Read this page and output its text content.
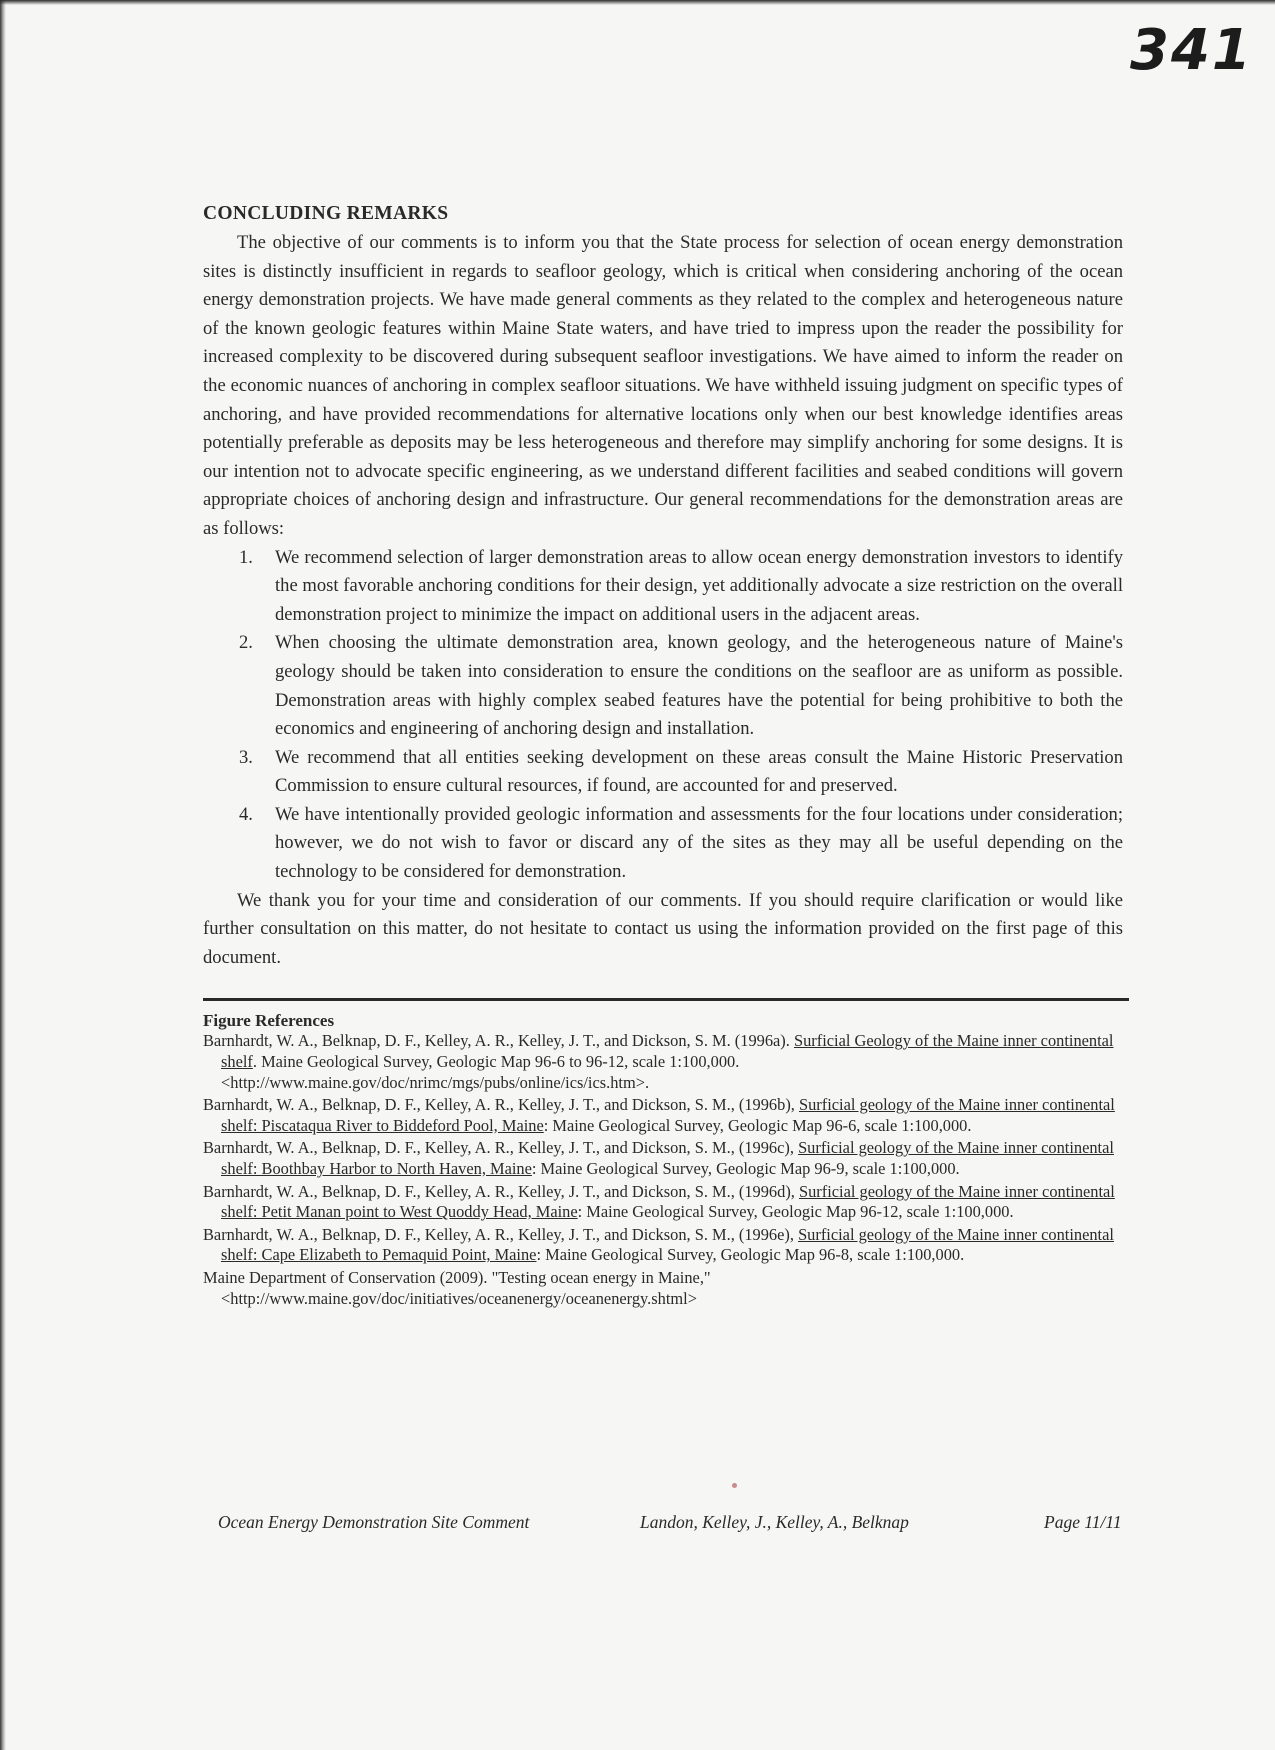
341
CONCLUDING REMARKS

The objective of our comments is to inform you that the State process for selection of ocean energy demonstration sites is distinctly insufficient in regards to seafloor geology, which is critical when considering anchoring of the ocean energy demonstration projects. We have made general comments as they related to the complex and heterogeneous nature of the known geologic features within Maine State waters, and have tried to impress upon the reader the possibility for increased complexity to be discovered during subsequent seafloor investigations. We have aimed to inform the reader on the economic nuances of anchoring in complex seafloor situations. We have withheld issuing judgment on specific types of anchoring, and have provided recommendations for alternative locations only when our best knowledge identifies areas potentially preferable as deposits may be less heterogeneous and therefore may simplify anchoring for some designs. It is our intention not to advocate specific engineering, as we understand different facilities and seabed conditions will govern appropriate choices of anchoring design and infrastructure. Our general recommendations for the demonstration areas are as follows:

1. We recommend selection of larger demonstration areas to allow ocean energy demonstration investors to identify the most favorable anchoring conditions for their design, yet additionally advocate a size restriction on the overall demonstration project to minimize the impact on additional users in the adjacent areas.
2. When choosing the ultimate demonstration area, known geology, and the heterogeneous nature of Maine's geology should be taken into consideration to ensure the conditions on the seafloor are as uniform as possible. Demonstration areas with highly complex seabed features have the potential for being prohibitive to both the economics and engineering of anchoring design and installation.
3. We recommend that all entities seeking development on these areas consult the Maine Historic Preservation Commission to ensure cultural resources, if found, are accounted for and preserved.
4. We have intentionally provided geologic information and assessments for the four locations under consideration; however, we do not wish to favor or discard any of the sites as they may all be useful depending on the technology to be considered for demonstration.

We thank you for your time and consideration of our comments. If you should require clarification or would like further consultation on this matter, do not hesitate to contact us using the information provided on the first page of this document.

Figure References

Barnhardt, W. A., Belknap, D. F., Kelley, A. R., Kelley, J. T., and Dickson, S. M. (1996a). Surficial Geology of the Maine inner continental shelf. Maine Geological Survey, Geologic Map 96-6 to 96-12, scale 1:100,000. <http://www.maine.gov/doc/nrimc/mgs/pubs/online/ics/ics.htm>.

Barnhardt, W. A., Belknap, D. F., Kelley, A. R., Kelley, J. T., and Dickson, S. M., (1996b), Surficial geology of the Maine inner continental shelf: Piscataqua River to Biddeford Pool, Maine: Maine Geological Survey, Geologic Map 96-6, scale 1:100,000.

Barnhardt, W. A., Belknap, D. F., Kelley, A. R., Kelley, J. T., and Dickson, S. M., (1996c), Surficial geology of the Maine inner continental shelf: Boothbay Harbor to North Haven, Maine: Maine Geological Survey, Geologic Map 96-9, scale 1:100,000.

Barnhardt, W. A., Belknap, D. F., Kelley, A. R., Kelley, J. T., and Dickson, S. M., (1996d), Surficial geology of the Maine inner continental shelf: Petit Manan point to West Quoddy Head, Maine: Maine Geological Survey, Geologic Map 96-12, scale 1:100,000.

Barnhardt, W. A., Belknap, D. F., Kelley, A. R., Kelley, J. T., and Dickson, S. M., (1996e), Surficial geology of the Maine inner continental shelf: Cape Elizabeth to Pemaquid Point, Maine: Maine Geological Survey, Geologic Map 96-8, scale 1:100,000.

Maine Department of Conservation (2009). "Testing ocean energy in Maine," <http://www.maine.gov/doc/initiatives/oceanenergy/oceanenergy.shtml>

Ocean Energy Demonstration Site Comment	Landon, Kelley, J., Kelley, A., Belknap	Page 11/11
